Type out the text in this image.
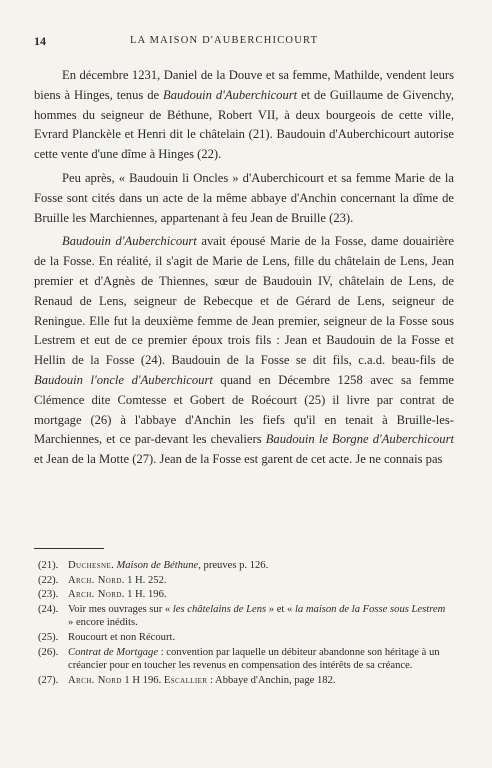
14	LA MAISON D'AUBERCHICOURT

En décembre 1231, Daniel de la Douve et sa femme, Mathilde, vendent leurs biens à Hinges, tenus de Baudouin d'Auberchicourt et de Guillaume de Givenchy, hommes du seigneur de Béthune, Robert VII, à deux bourgeois de cette ville, Evrard Planckèle et Henri dit le châtelain (21). Baudouin d'Auberchicourt autorise cette vente d'une dîme à Hinges (22).

Peu après, « Baudouin li Oncles » d'Auberchicourt et sa femme Marie de la Fosse sont cités dans un acte de la même abbaye d'Anchin concernant la dîme de Bruille les Marchiennes, appartenant à feu Jean de Bruille (23).

Baudouin d'Auberchicourt avait épousé Marie de la Fosse, dame douairière de la Fosse. En réalité, il s'agit de Marie de Lens, fille du châtelain de Lens, Jean premier et d'Agnès de Thiennes, sœur de Baudouin IV, châtelain de Lens, de Renaud de Lens, seigneur de Rebecque et de Gérard de Lens, seigneur de Reningue. Elle fut la deuxième femme de Jean premier, seigneur de la Fosse sous Lestrem et eut de ce premier époux trois fils : Jean et Baudouin de la Fosse et Hellin de la Fosse (24). Baudouin de la Fosse se dit fils, c.a.d. beau-fils de Baudouin l'oncle d'Auberchicourt quand en Décembre 1258 avec sa femme Clémence dite Comtesse et Gobert de Roécourt (25) il livre par contrat de mortgage (26) à l'abbaye d'Anchin les fiefs qu'il en tenait à Bruille-les-Marchiennes, et ce par-devant les chevaliers Baudouin le Borgne d'Auberchicourt et Jean de la Motte (27). Jean de la Fosse est garent de cet acte. Je ne connais pas

(21). Duchesne. Maison de Béthune, preuves p. 126.
(22). Arch. Nord. 1 H. 252.
(23). Arch. Nord. 1 H. 196.
(24). Voir mes ouvrages sur « les châtelains de Lens » et « la maison de la Fosse sous Lestrem » encore inédits.
(25). Roucourt et non Récourt.
(26). Contrat de Mortgage : convention par laquelle un débiteur abandonne son héritage à un créancier pour en toucher les revenus en compensation des intérêts de sa créance.
(27). Arch. Nord 1 H 196. Escallier : Abbaye d'Anchin, page 182.
